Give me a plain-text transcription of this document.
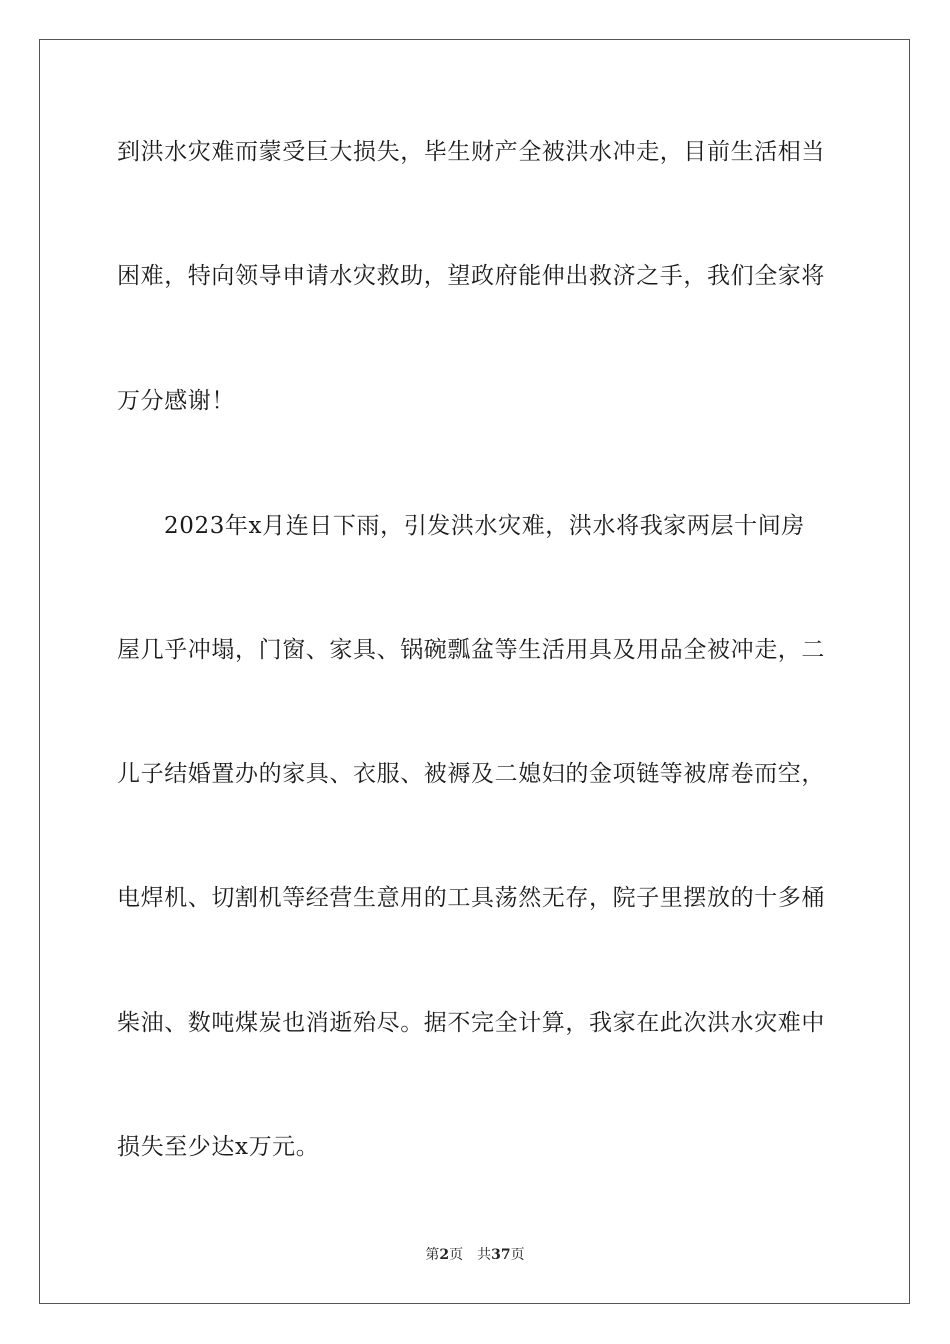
到洪水灾难而蒙受巨大损失，毕生财产全被洪水冲走，目前生活相当
困难，特向领导申请水灾救助，望政府能伸出救济之手，我们全家将
万分感谢！
2023年x月连日下雨，引发洪水灾难，洪水将我家两层十间房
屋几乎冲塌，门窗、家具、锅碗瓢盆等生活用具及用品全被冲走，二
儿子结婚置办的家具、衣服、被褥及二媳妇的金项链等被席卷而空，
电焊机、切割机等经营生意用的工具荡然无存，院子里摆放的十多桶
柴油、数吨煤炭也消逝殆尽。据不完全计算，我家在此次洪水灾难中
损失至少达x万元。
第2页 共37页
